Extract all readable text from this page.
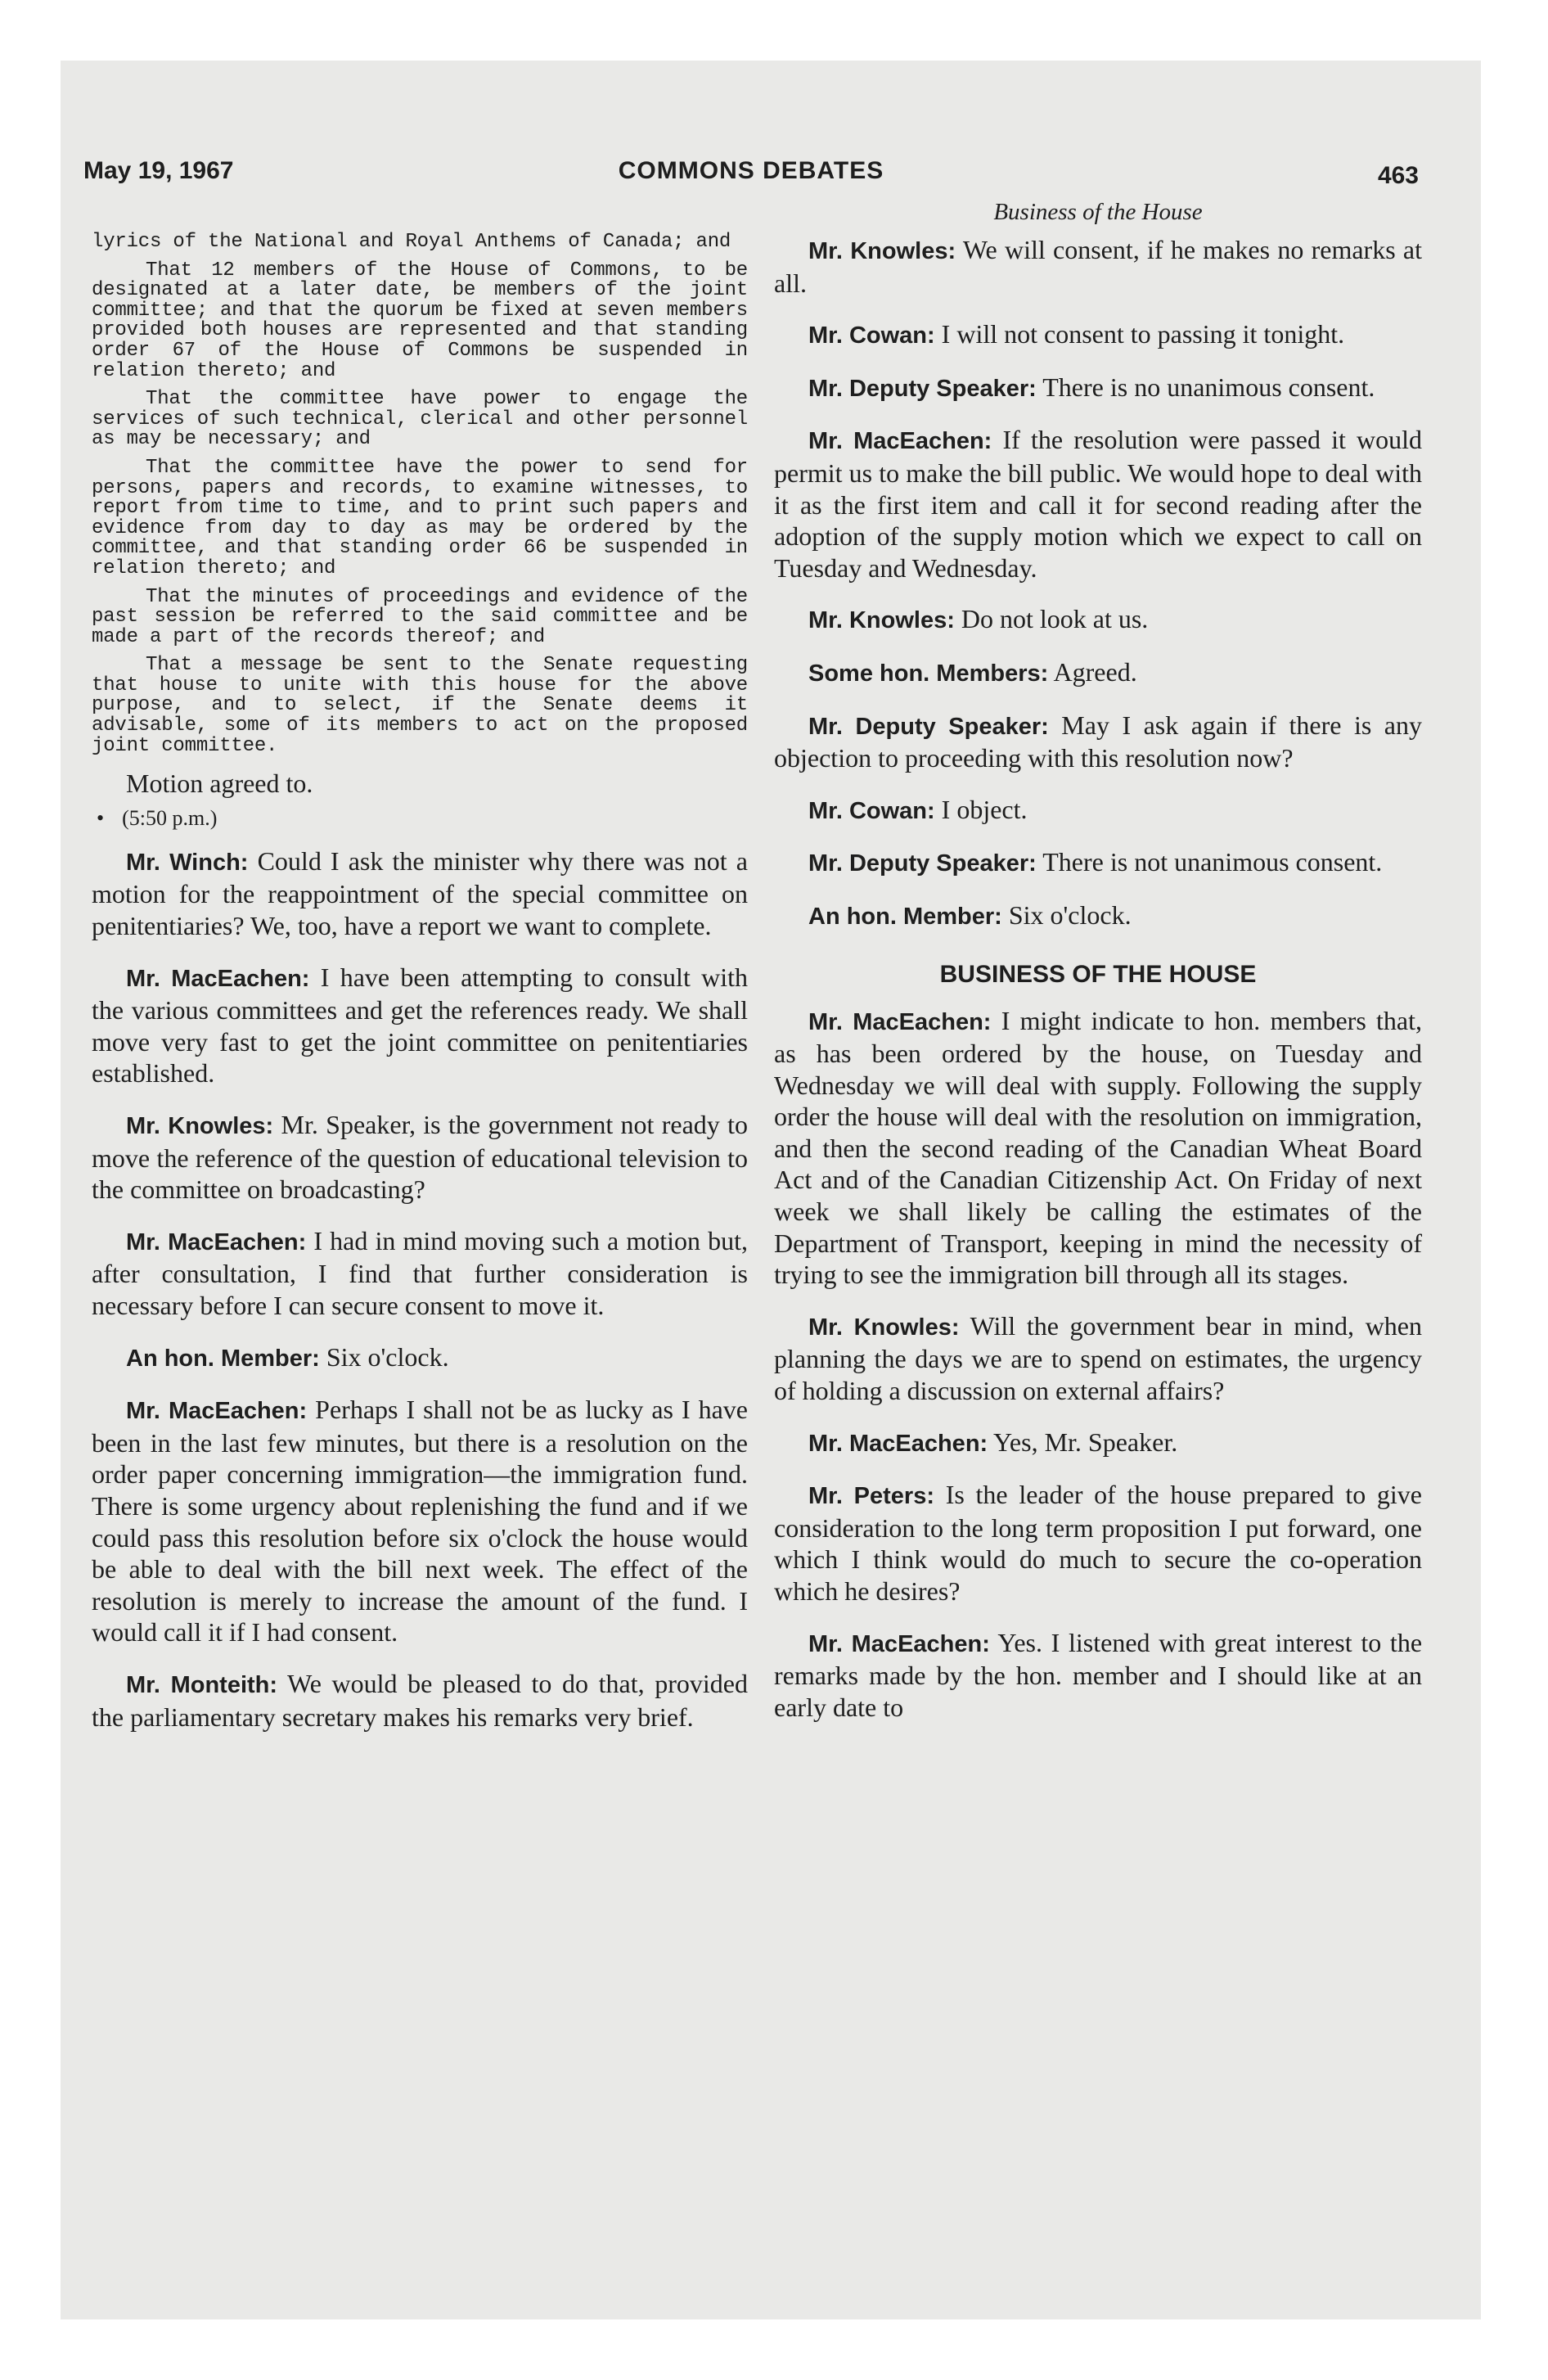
May 19, 1967	COMMONS DEBATES	463

lyrics of the National and Royal Anthems of Canada; and

That 12 members of the House of Commons, to be designated at a later date, be members of the joint committee; and that the quorum be fixed at seven members provided both houses are represented and that standing order 67 of the House of Commons be suspended in relation thereto; and

That the committee have power to engage the services of such technical, clerical and other personnel as may be necessary; and

That the committee have the power to send for persons, papers and records, to examine witnesses, to report from time to time, and to print such papers and evidence from day to day as may be ordered by the committee, and that standing order 66 be suspended in relation thereto; and

That the minutes of proceedings and evidence of the past session be referred to the said committee and be made a part of the records thereof; and

That a message be sent to the Senate requesting that house to unite with this house for the above purpose, and to select, if the Senate deems it advisable, some of its members to act on the proposed joint committee.

Motion agreed to.

• (5:50 p.m.)

Mr. Winch: Could I ask the minister why there was not a motion for the reappointment of the special committee on penitentiaries? We, too, have a report we want to complete.

Mr. MacEachen: I have been attempting to consult with the various committees and get the references ready. We shall move very fast to get the joint committee on penitentiaries established.

Mr. Knowles: Mr. Speaker, is the government not ready to move the reference of the question of educational television to the committee on broadcasting?

Mr. MacEachen: I had in mind moving such a motion but, after consultation, I find that further consideration is necessary before I can secure consent to move it.

An hon. Member: Six o'clock.

Mr. MacEachen: Perhaps I shall not be as lucky as I have been in the last few minutes, but there is a resolution on the order paper concerning immigration—the immigration fund. There is some urgency about replenishing the fund and if we could pass this resolution before six o'clock the house would be able to deal with the bill next week. The effect of the resolution is merely to increase the amount of the fund. I would call it if I had consent.

Mr. Monteith: We would be pleased to do that, provided the parliamentary secretary makes his remarks very brief.

Business of the House

Mr. Knowles: We will consent, if he makes no remarks at all.

Mr. Cowan: I will not consent to passing it tonight.

Mr. Deputy Speaker: There is no unanimous consent.

Mr. MacEachen: If the resolution were passed it would permit us to make the bill public. We would hope to deal with it as the first item and call it for second reading after the adoption of the supply motion which we expect to call on Tuesday and Wednesday.

Mr. Knowles: Do not look at us.

Some hon. Members: Agreed.

Mr. Deputy Speaker: May I ask again if there is any objection to proceeding with this resolution now?

Mr. Cowan: I object.

Mr. Deputy Speaker: There is not unanimous consent.

An hon. Member: Six o'clock.

BUSINESS OF THE HOUSE

Mr. MacEachen: I might indicate to hon. members that, as has been ordered by the house, on Tuesday and Wednesday we will deal with supply. Following the supply order the house will deal with the resolution on immigration, and then the second reading of the Canadian Wheat Board Act and of the Canadian Citizenship Act. On Friday of next week we shall likely be calling the estimates of the Department of Transport, keeping in mind the necessity of trying to see the immigration bill through all its stages.

Mr. Knowles: Will the government bear in mind, when planning the days we are to spend on estimates, the urgency of holding a discussion on external affairs?

Mr. MacEachen: Yes, Mr. Speaker.

Mr. Peters: Is the leader of the house prepared to give consideration to the long term proposition I put forward, one which I think would do much to secure the co-operation which he desires?

Mr. MacEachen: Yes. I listened with great interest to the remarks made by the hon. member and I should like at an early date to
